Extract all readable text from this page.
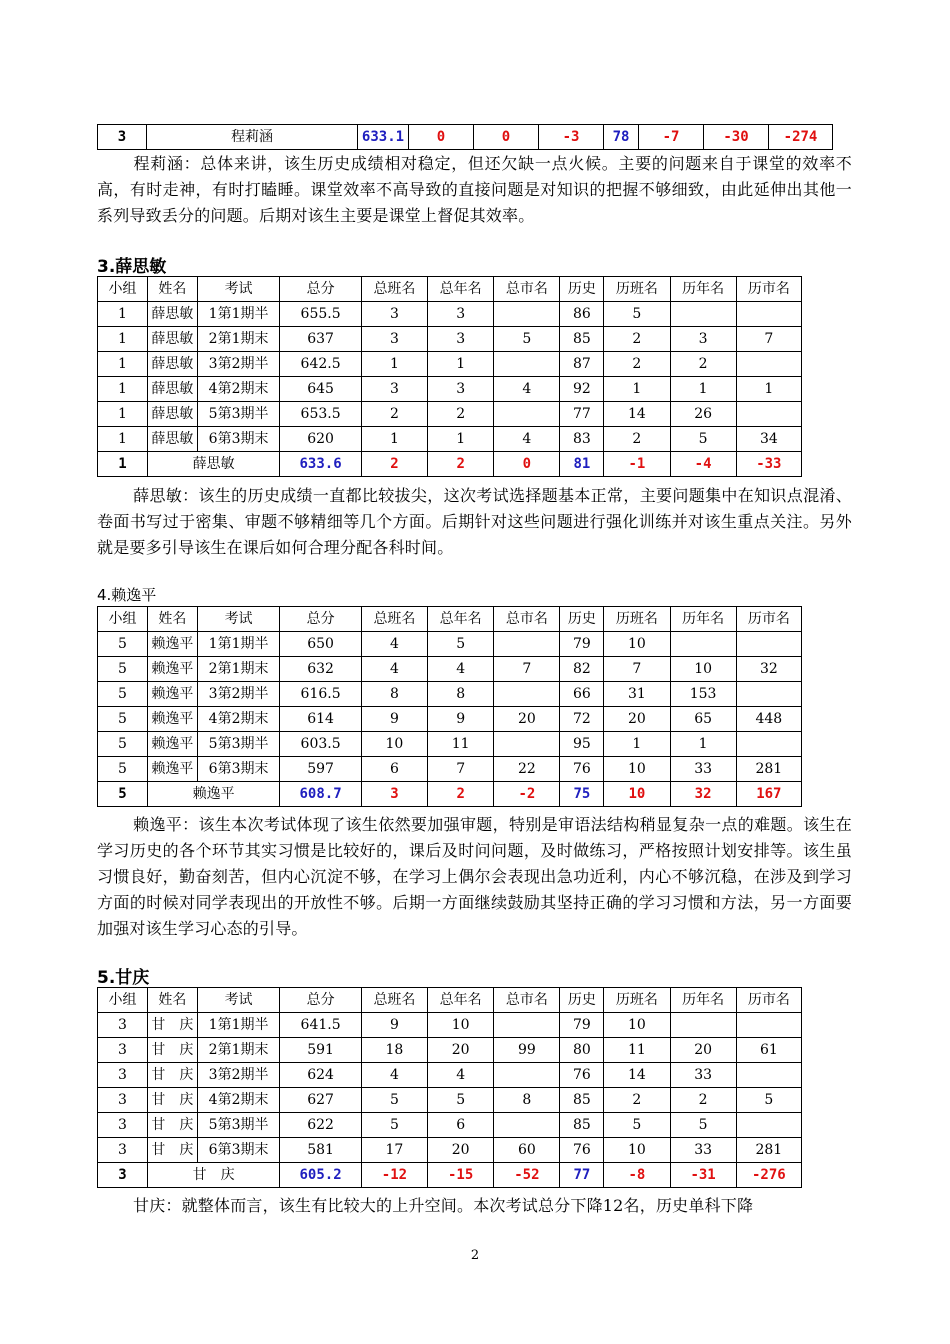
3	程莉涵	633.1	0	0	-3	78	-7	-30	-274
程莉涵：总体来讲，该生历史成绩相对稳定，但还欠缺一点火候。主要的问题来自于课堂的效率不高，有时走神，有时打瞌睡。课堂效率不高导致的直接问题是对知识的把握不够细致，由此延伸出其他一系列导致丢分的问题。后期对该生主要是课堂上督促其效率。
3.薛思敏
小组	姓名	考试	总分	总班名	总年名	总市名	历史	历班名	历年名	历市名
1	薛思敏	1第1期半	655.5	3	3		86	5		
1	薛思敏	2第1期末	637	3	3	5	85	2	3	7
1	薛思敏	3第2期半	642.5	1	1		87	2	2	
1	薛思敏	4第2期末	645	3	3	4	92	1	1	1
1	薛思敏	5第3期半	653.5	2	2		77	14	26	
1	薛思敏	6第3期末	620	1	1	4	83	2	5	34
1	薛思敏		633.6	2	2	0	81	-1	-4	-33
薛思敏：该生的历史成绩一直都比较拔尖，这次考试选择题基本正常，主要问题集中在知识点混淆、卷面书写过于密集、审题不够精细等几个方面。后期针对这些问题进行强化训练并对该生重点关注。另外就是要多引导该生在课后如何合理分配各科时间。
4.赖逸平
小组	姓名	考试	总分	总班名	总年名	总市名	历史	历班名	历年名	历市名
5	赖逸平	1第1期半	650	4	5		79	10		
5	赖逸平	2第1期末	632	4	4	7	82	7	10	32
5	赖逸平	3第2期半	616.5	8	8		66	31	153	
5	赖逸平	4第2期末	614	9	9	20	72	20	65	448
5	赖逸平	5第3期半	603.5	10	11		95	1	1	
5	赖逸平	6第3期末	597	6	7	22	76	10	33	281
5	赖逸平		608.7	3	2	-2	75	10	32	167
赖逸平：该生本次考试体现了该生依然要加强审题，特别是审语法结构稍显复杂一点的难题。该生在学习历史的各个环节其实习惯是比较好的，课后及时问问题，及时做练习，严格按照计划安排等。该生虽习惯良好，勤奋刻苦，但内心沉淀不够，在学习上偶尔会表现出急功近利，内心不够沉稳，在涉及到学习方面的时候对同学表现出的开放性不够。后期一方面继续鼓励其坚持正确的学习习惯和方法，另一方面要加强对该生学习心态的引导。
5.甘庆
小组	姓名	考试	总分	总班名	总年名	总市名	历史	历班名	历年名	历市名
3	甘　庆	1第1期半	641.5	9	10		79	10		
3	甘　庆	2第1期末	591	18	20	99	80	11	20	61
3	甘　庆	3第2期半	624	4	4		76	14	33	
3	甘　庆	4第2期末	627	5	5	8	85	2	2	5
3	甘　庆	5第3期半	622	5	6		85	5	5	
3	甘　庆	6第3期末	581	17	20	60	76	10	33	281
3	甘　庆		605.2	-12	-15	-52	77	-8	-31	-276
甘庆：就整体而言，该生有比较大的上升空间。本次考试总分下降12名，历史单科下降
2
